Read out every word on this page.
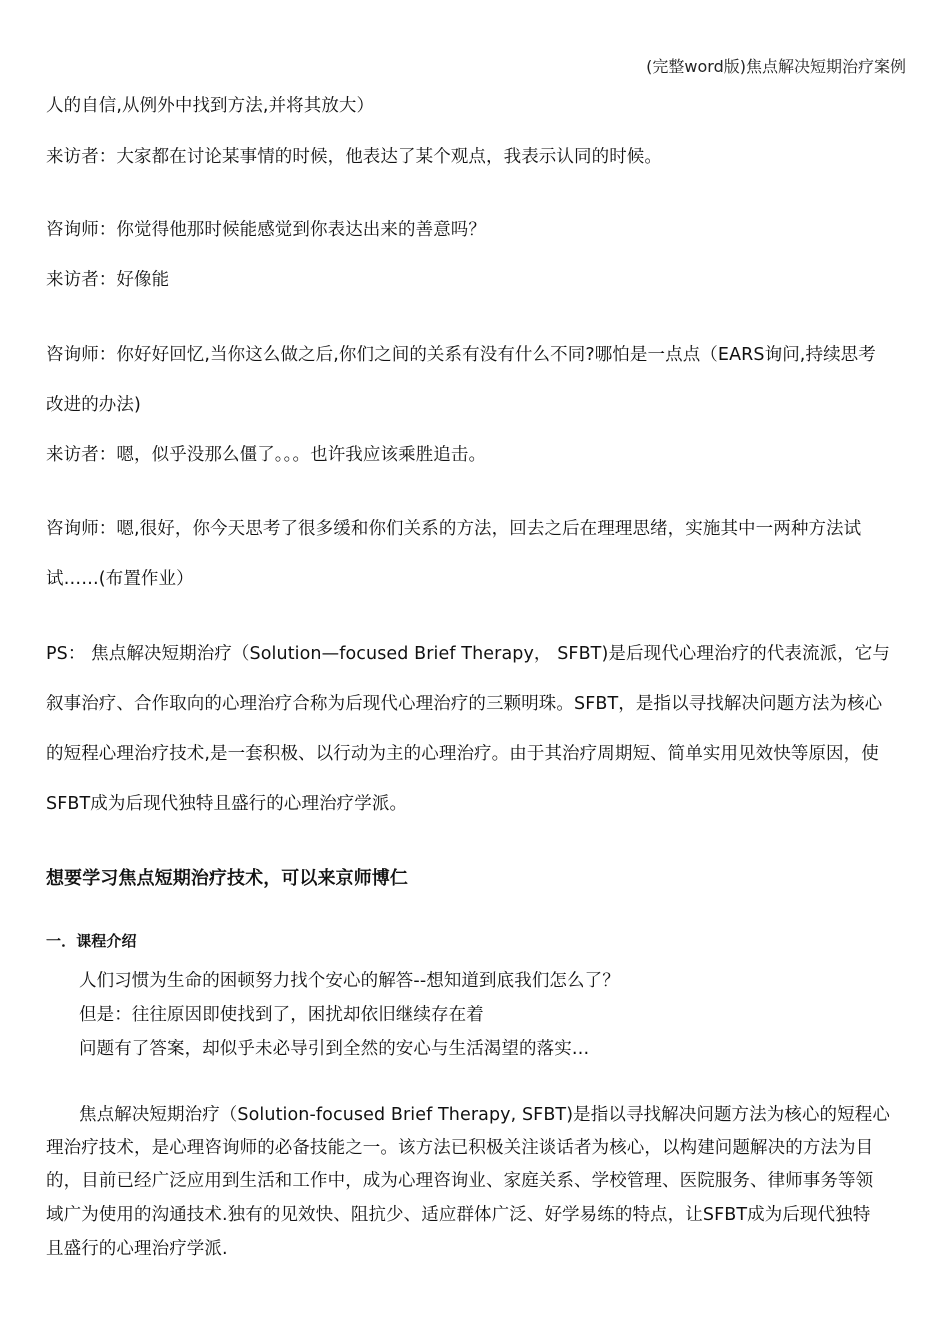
(完整word版)焦点解决短期治疗案例
人的自信,从例外中找到方法,并将其放大）
来访者：大家都在讨论某事情的时候，他表达了某个观点，我表示认同的时候。
咨询师：你觉得他那时候能感觉到你表达出来的善意吗？
来访者：好像能
咨询师：你好好回忆,当你这么做之后,你们之间的关系有没有什么不同?哪怕是一点点（EARS询问,持续思考
改进的办法)
来访者：嗯，似乎没那么僵了。。。也许我应该乘胜追击。
咨询师：嗯,很好，你今天思考了很多缓和你们关系的方法，回去之后在理理思绪，实施其中一两种方法试
试……(布置作业）
PS： 焦点解决短期治疗（Solution—focused Brief Therapy， SFBT)是后现代心理治疗的代表流派，它与
叙事治疗、合作取向的心理治疗合称为后现代心理治疗的三颗明珠。SFBT，是指以寻找解决问题方法为核心
的短程心理治疗技术,是一套积极、以行动为主的心理治疗。由于其治疗周期短、简单实用见效快等原因，使
SFBT成为后现代独特且盛行的心理治疗学派。
想要学习焦点短期治疗技术，可以来京师博仁
一．课程介绍
人们习惯为生命的困顿努力找个安心的解答--想知道到底我们怎么了？
但是：往往原因即使找到了，困扰却依旧继续存在着
问题有了答案，却似乎未必导引到全然的安心与生活渴望的落实…
焦点解决短期治疗（Solution-focused Brief Therapy, SFBT)是指以寻找解决问题方法为核心的短程心
理治疗技术，是心理咨询师的必备技能之一。该方法已积极关注谈话者为核心，以构建问题解决的方法为目
的，目前已经广泛应用到生活和工作中，成为心理咨询业、家庭关系、学校管理、医院服务、律师事务等领
域广为使用的沟通技术.独有的见效快、阻抗少、适应群体广泛、好学易练的特点，让SFBT成为后现代独特
且盛行的心理治疗学派.
